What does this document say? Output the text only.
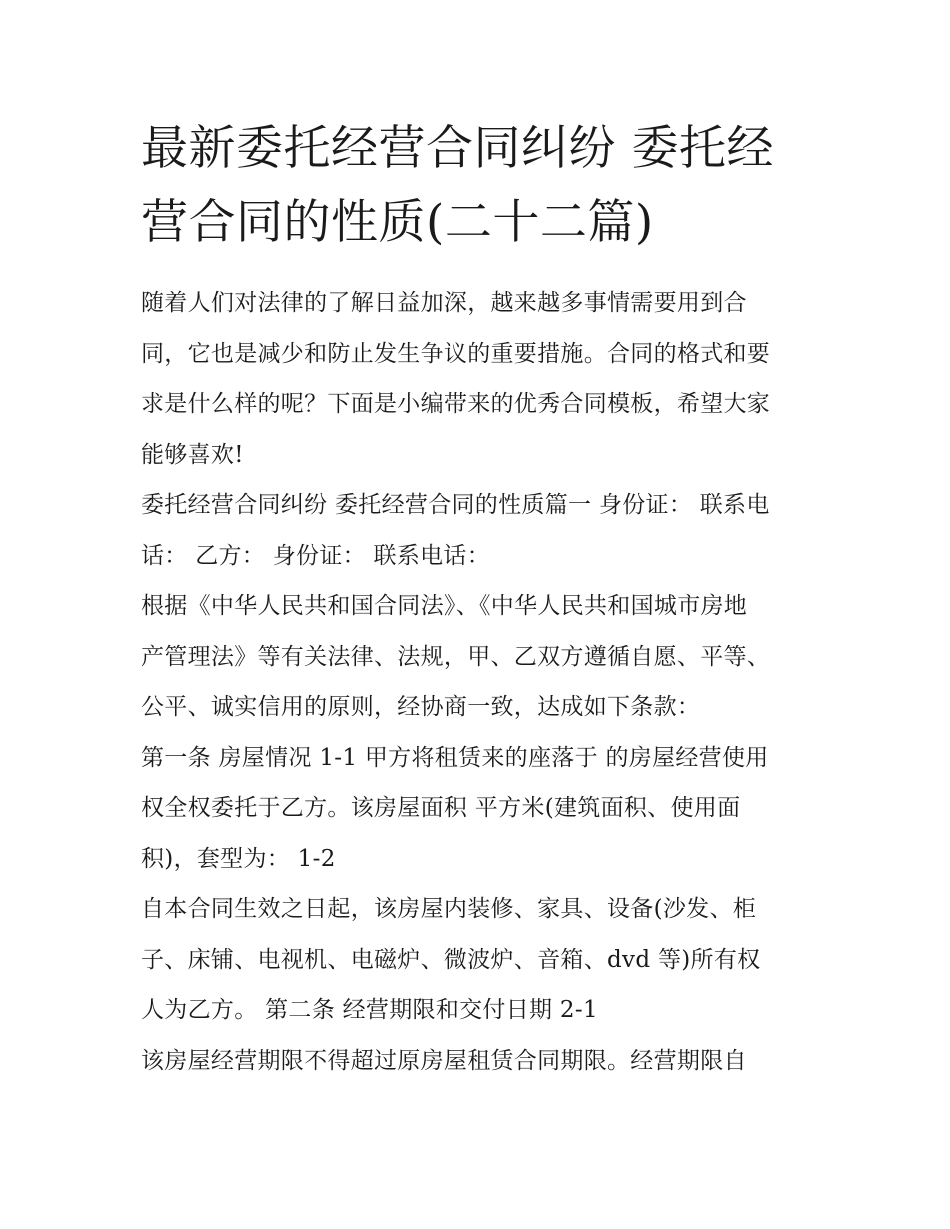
最新委托经营合同纠纷 委托经
营合同的性质(二十二篇)

随着人们对法律的了解日益加深，越来越多事情需要用到合
同，它也是减少和防止发生争议的重要措施。合同的格式和要
求是什么样的呢？下面是小编带来的优秀合同模板，希望大家
能够喜欢!

委托经营合同纠纷 委托经营合同的性质篇一 身份证： 联系电
话： 乙方： 身份证： 联系电话：

根据《中华人民共和国合同法》、《中华人民共和国城市房地
产管理法》等有关法律、法规，甲、乙双方遵循自愿、平等、
公平、诚实信用的原则，经协商一致，达成如下条款：

第一条 房屋情况 1-1 甲方将租赁来的座落于 的房屋经营使用
权全权委托于乙方。该房屋面积 平方米(建筑面积、使用面
积)，套型为： 1-2

自本合同生效之日起，该房屋内装修、家具、设备(沙发、柜
子、床铺、电视机、电磁炉、微波炉、音箱、dvd 等)所有权
人为乙方。 第二条 经营期限和交付日期 2-1

该房屋经营期限不得超过原房屋租赁合同期限。经营期限自
